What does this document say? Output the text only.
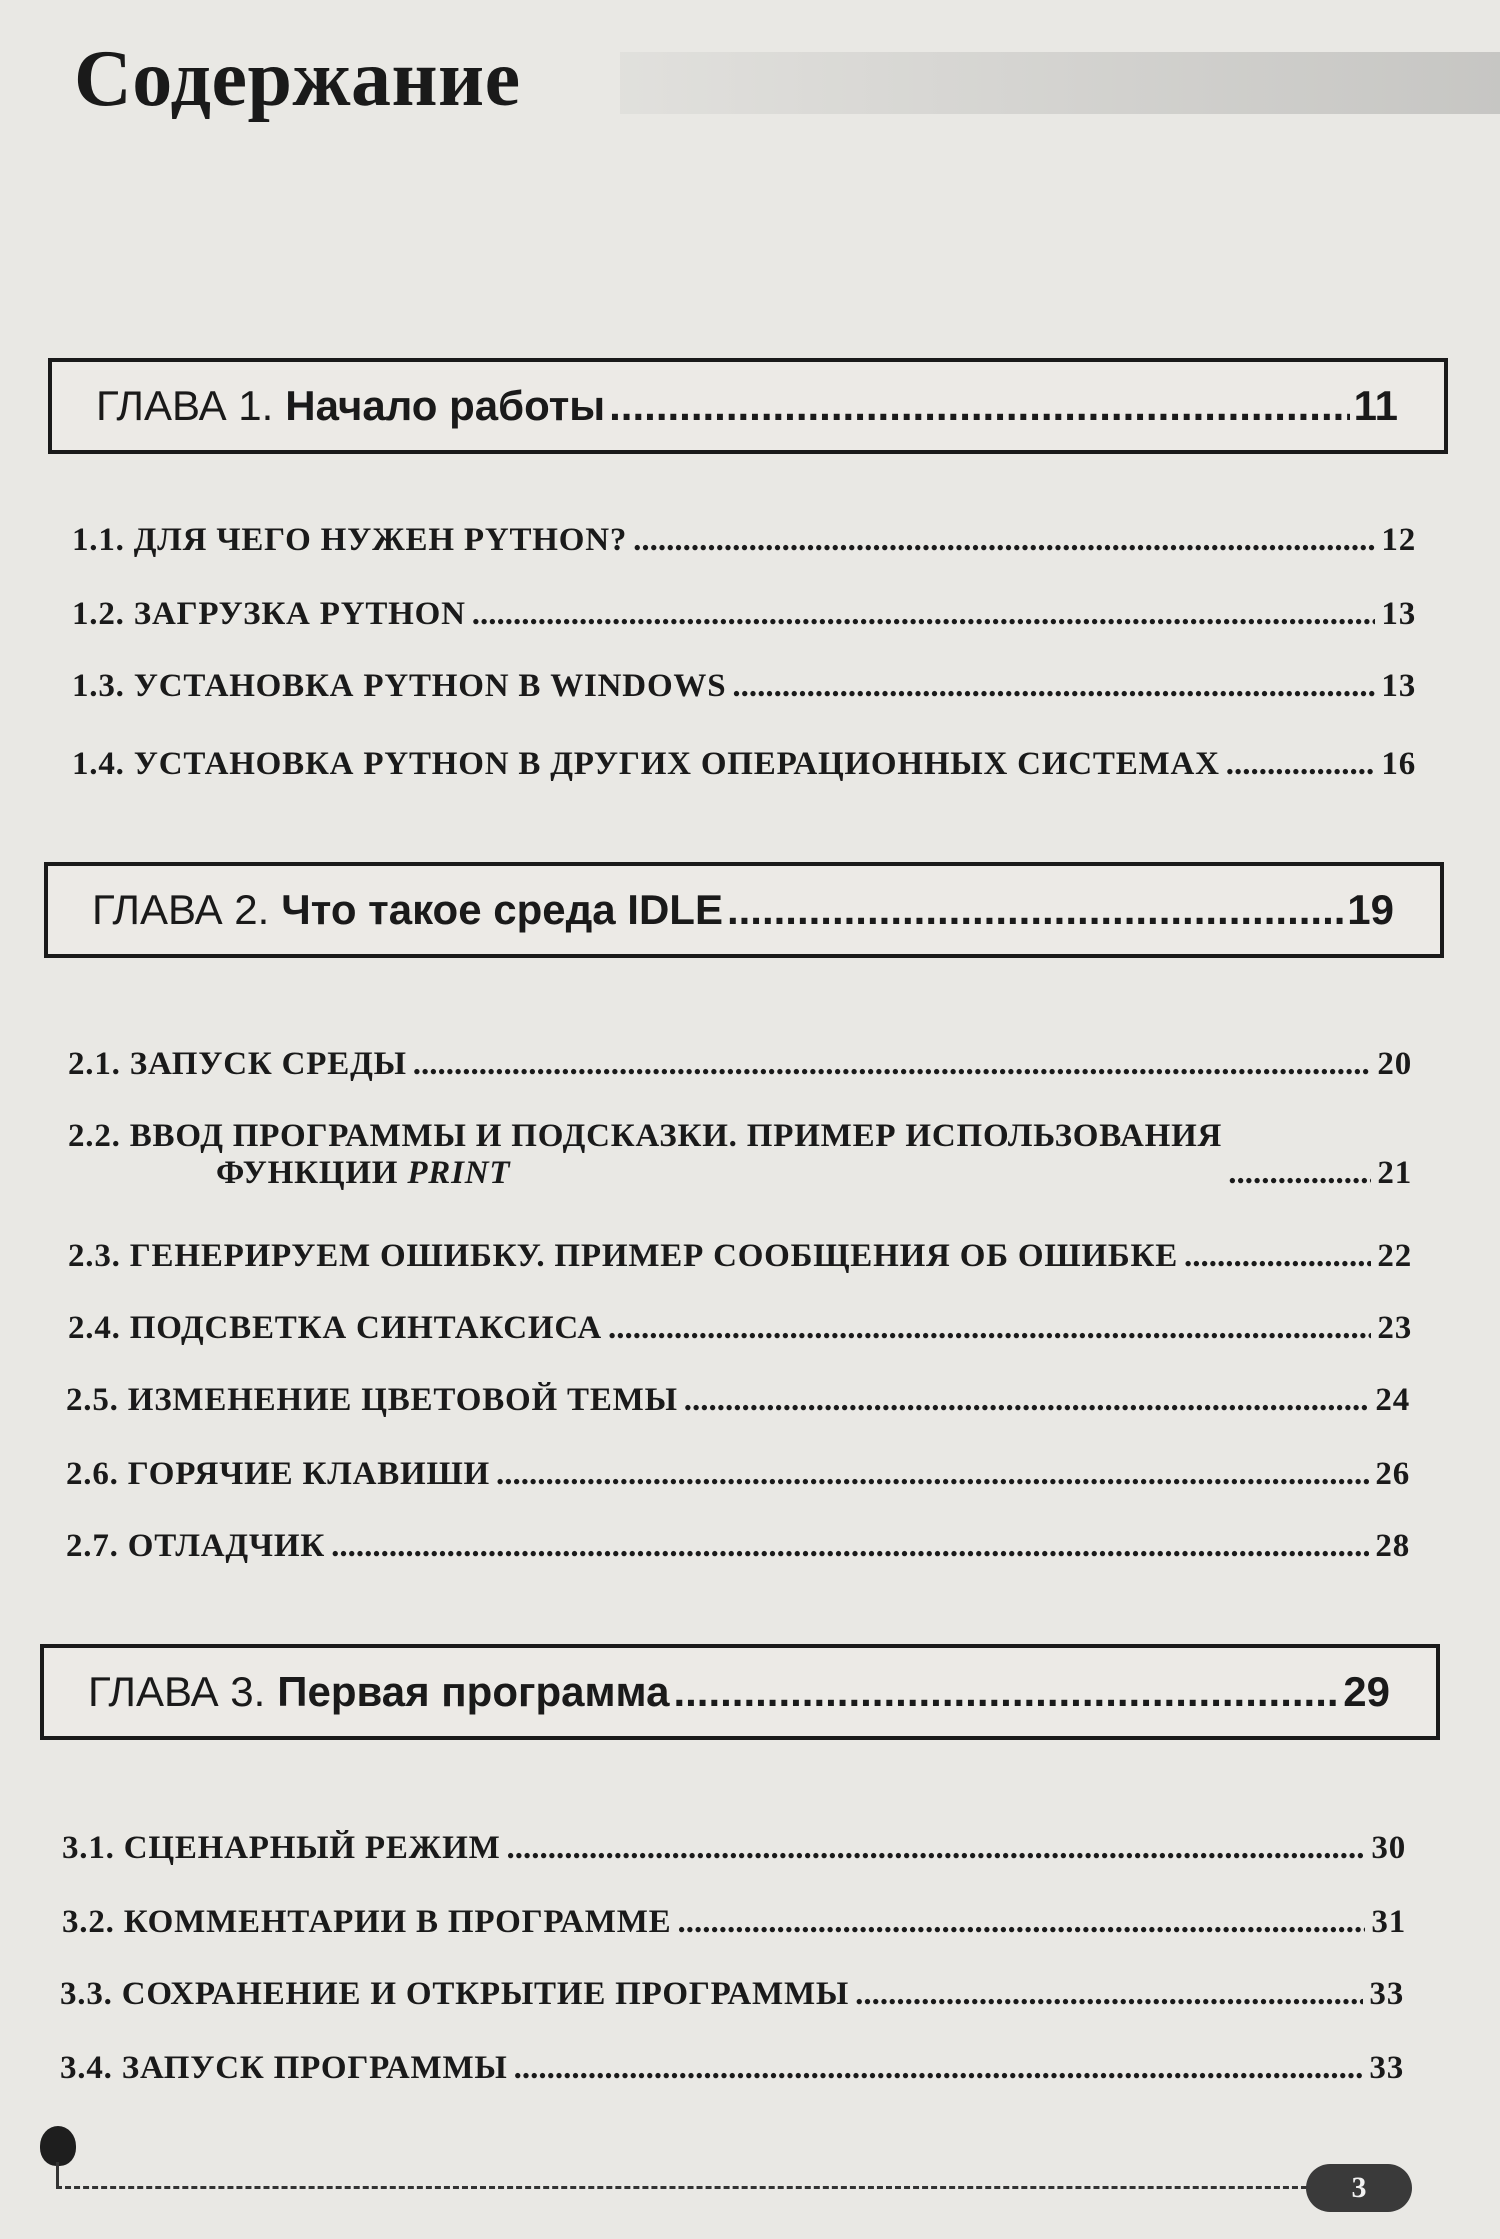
Содержание
ГЛАВА 1. Начало работы .....	11
1.1. ДЛЯ ЧЕГО НУЖЕН PYTHON? .....	12
1.2. ЗАГРУЗКА PYTHON .....	13
1.3. УСТАНОВКА PYTHON В WINDOWS .....	13
1.4. УСТАНОВКА PYTHON В ДРУГИХ ОПЕРАЦИОННЫХ СИСТЕМАХ .....	16
ГЛАВА 2. Что такое среда IDLE .....	19
2.1. ЗАПУСК СРЕДЫ .....	20
2.2. ВВОД ПРОГРАММЫ И ПОДСКАЗКИ. ПРИМЕР ИСПОЛЬЗОВАНИЯ
ФУНКЦИИ PRINT .....	21
2.3. ГЕНЕРИРУЕМ ОШИБКУ. ПРИМЕР СООБЩЕНИЯ ОБ ОШИБКЕ .....	22
2.4. ПОДСВЕТКА СИНТАКСИСА .....	23
2.5. ИЗМЕНЕНИЕ ЦВЕТОВОЙ ТЕМЫ .....	24
2.6. ГОРЯЧИЕ КЛАВИШИ .....	26
2.7. ОТЛАДЧИК .....	28
ГЛАВА 3. Первая программа .....	29
3.1. СЦЕНАРНЫЙ РЕЖИМ .....	30
3.2. КОММЕНТАРИИ В ПРОГРАММЕ .....	31
3.3. СОХРАНЕНИЕ И ОТКРЫТИЕ ПРОГРАММЫ .....	33
3.4. ЗАПУСК ПРОГРАММЫ .....	33
3
